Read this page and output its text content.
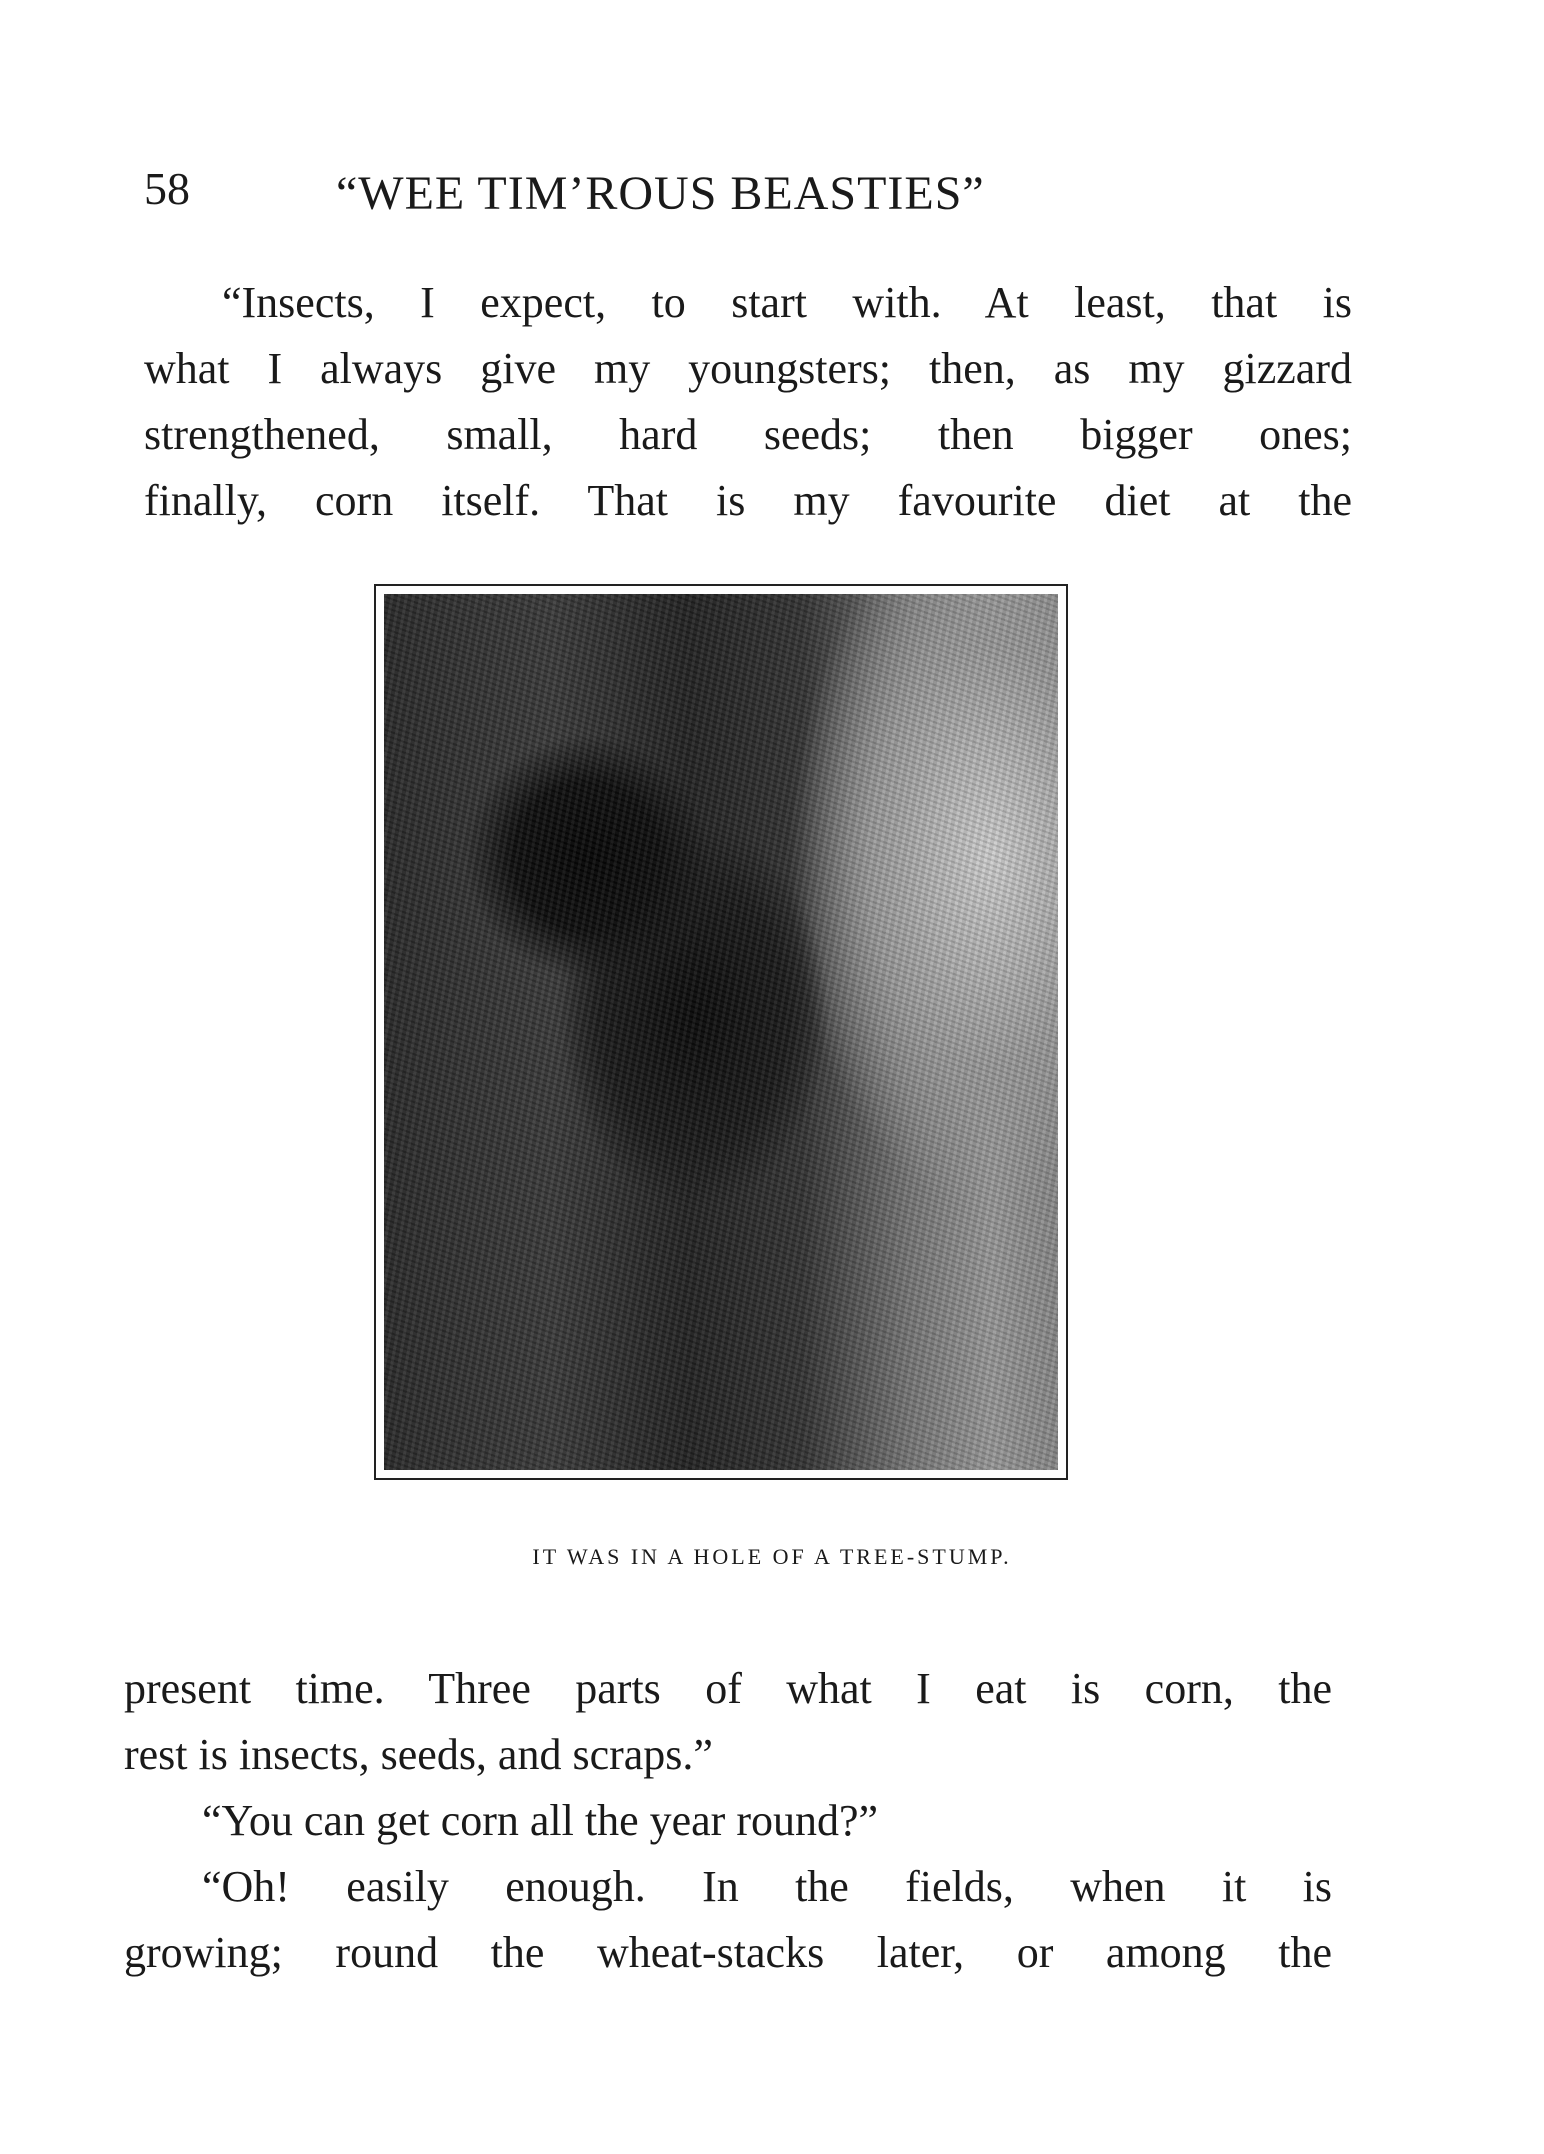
58	“WEE TIM’ROUS BEASTIES”
“Insects, I expect, to start with. At least, that is
what I always give my youngsters; then, as my gizzard
strengthened, small, hard seeds; then bigger ones;
finally, corn itself. That is my favourite diet at the
IT WAS IN A HOLE OF A TREE-STUMP.
present time. Three parts of what I eat is corn, the
rest is insects, seeds, and scraps.”
“You can get corn all the year round?”
“Oh! easily enough. In the fields, when it is
growing; round the wheat-stacks later, or among the
